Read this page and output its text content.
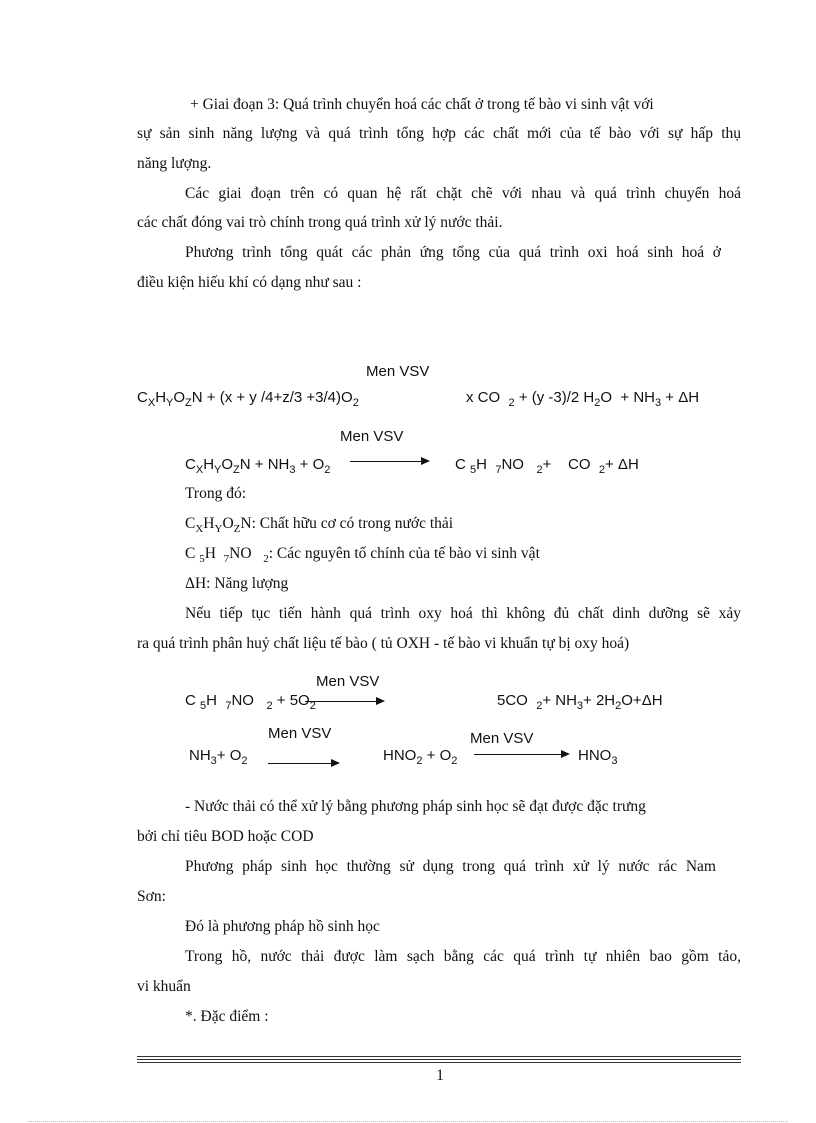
+ Giai đoạn 3: Quá trình chuyển hoá các chất ở trong tế bào vi sinh vật với
sự sản sinh năng lượng và quá trình tổng hợp các chất mới của tế bào với sự hấp thụ
năng lượng.
Các giai đoạn trên có quan hệ rất chặt chẽ với nhau và quá trình chuyển hoá
các chất đóng vai trò chính trong quá trình xử lý nước thải.
Phương trình tổng quát các phản ứng tổng của quá trình oxi hoá sinh hoá ở
điều kiện hiếu khí có dạng như sau :
Men VSV
$C_XH_YO_ZN + (x + y$ $/4+z/3 +3/4)O_2$	x CO $_2$ + (y -3)/2 $H_2O + NH_3 + \Delta H$
Men VSV
$C_XH_YO_ZN + NH_3 + O_2$	C $_5$H $_7$NO $_2$+ CO $_2$+ ΔH
Trong đó:
$C_XH_YO_ZN$: Chất hữu cơ có trong nước thải
C $_5$H $_7$NO $_2$: Các nguyên tố chính của tế bào vi sinh vật
ΔH: Năng lượng
Nếu tiếp tục tiến hành quá trình oxy hoá thì không đủ chất dinh dưỡng sẽ xảy
ra quá trình phân huỷ chất liệu tế bào ( tủ OXH - tế bào vi khuẩn tự bị oxy hoá)
Men VSV
C $_5$H $_7$NO $_2 + 5O_2$	5CO $_2+ NH_3+ 2H_2O+\Delta H$
Men VSV	Men VSV
$NH_3+ O_2$	$HNO_2 + O_2$	$HNO_3$
- Nước thải có thể xử lý bằng phương pháp sinh học sẽ đạt được đặc trưng
bởi chỉ tiêu BOD hoặc COD
Phương pháp sinh học thường sử dụng trong quá trình xử lý nước rác Nam
Sơn:
Đó là phương pháp hồ sinh học
Trong hồ, nước thải được làm sạch bằng các quá trình tự nhiên bao gồm tảo,
vi khuẩn
*. Đặc điểm :
1
